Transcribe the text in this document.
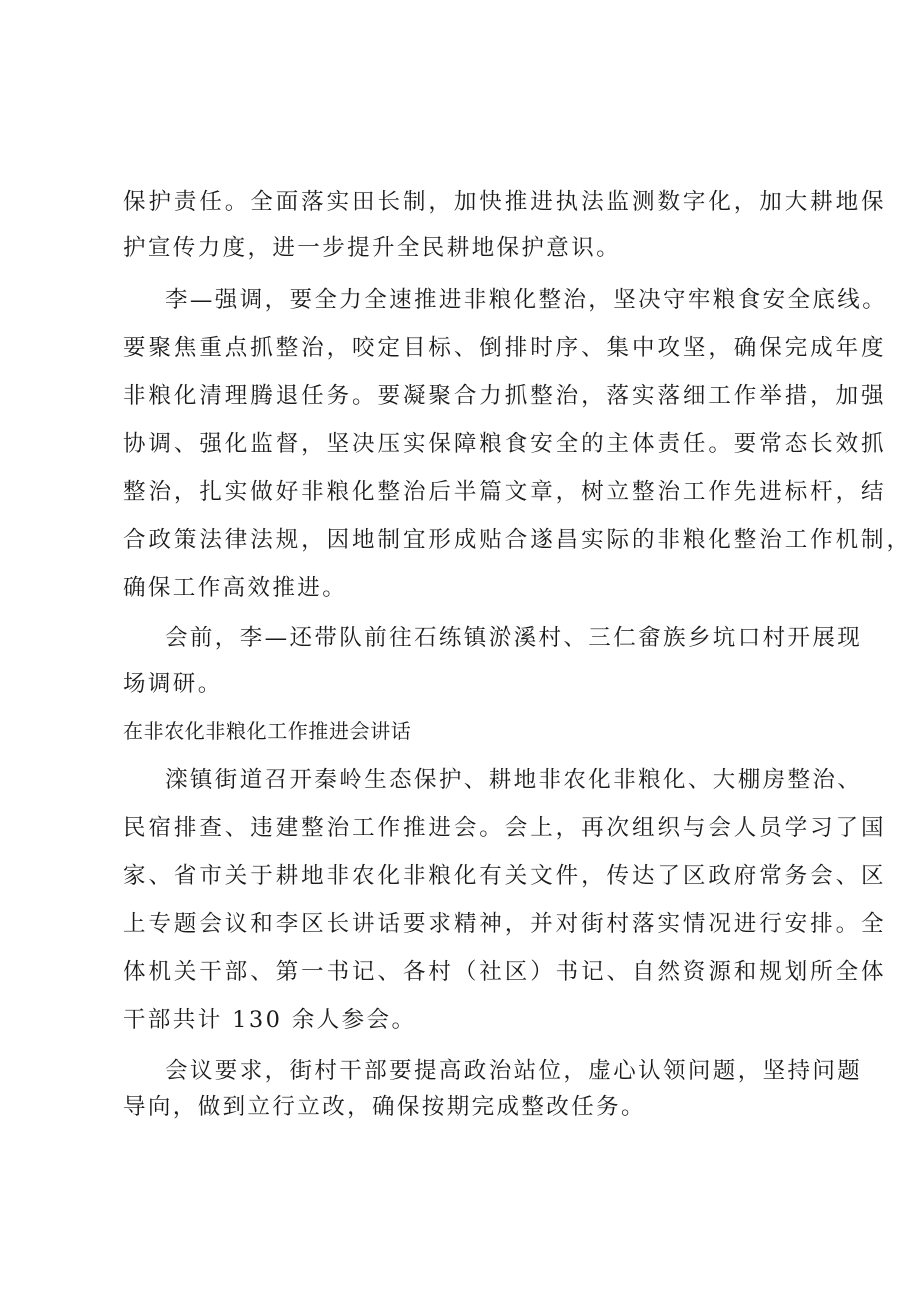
保护责任。全面落实田长制，加快推进执法监测数字化，加大耕地保
护宣传力度，进一步提升全民耕地保护意识。
李—强调，要全力全速推进非粮化整治，坚决守牢粮食安全底线。
要聚焦重点抓整治，咬定目标、倒排时序、集中攻坚，确保完成年度
非粮化清理腾退任务。要凝聚合力抓整治，落实落细工作举措，加强
协调、强化监督，坚决压实保障粮食安全的主体责任。要常态长效抓
整治，扎实做好非粮化整治后半篇文章，树立整治工作先进标杆，结
合政策法律法规，因地制宜形成贴合遂昌实际的非粮化整治工作机制，
确保工作高效推进。
会前，李—还带队前往石练镇淤溪村、三仁畲族乡坑口村开展现
场调研。
在非农化非粮化工作推进会讲话
滦镇街道召开秦岭生态保护、耕地非农化非粮化、大棚房整治、
民宿排查、违建整治工作推进会。会上，再次组织与会人员学习了国
家、省市关于耕地非农化非粮化有关文件，传达了区政府常务会、区
上专题会议和李区长讲话要求精神，并对街村落实情况进行安排。全
体机关干部、第一书记、各村（社区）书记、自然资源和规划所全体
干部共计 130 余人参会。
会议要求，街村干部要提高政治站位，虚心认领问题，坚持问题
导向，做到立行立改，确保按期完成整改任务。
